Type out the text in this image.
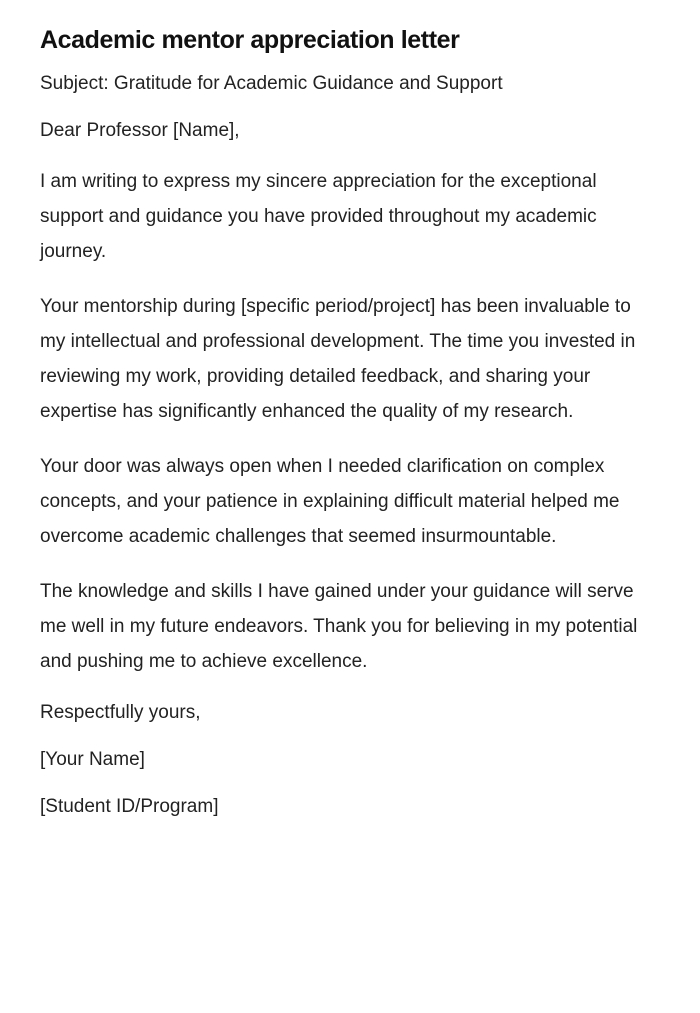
Academic mentor appreciation letter

Subject: Gratitude for Academic Guidance and Support

Dear Professor [Name],

I am writing to express my sincere appreciation for the exceptional support and guidance you have provided throughout my academic journey.

Your mentorship during [specific period/project] has been invaluable to my intellectual and professional development. The time you invested in reviewing my work, providing detailed feedback, and sharing your expertise has significantly enhanced the quality of my research.

Your door was always open when I needed clarification on complex concepts, and your patience in explaining difficult material helped me overcome academic challenges that seemed insurmountable.

The knowledge and skills I have gained under your guidance will serve me well in my future endeavors. Thank you for believing in my potential and pushing me to achieve excellence.

Respectfully yours,

[Your Name]

[Student ID/Program]
